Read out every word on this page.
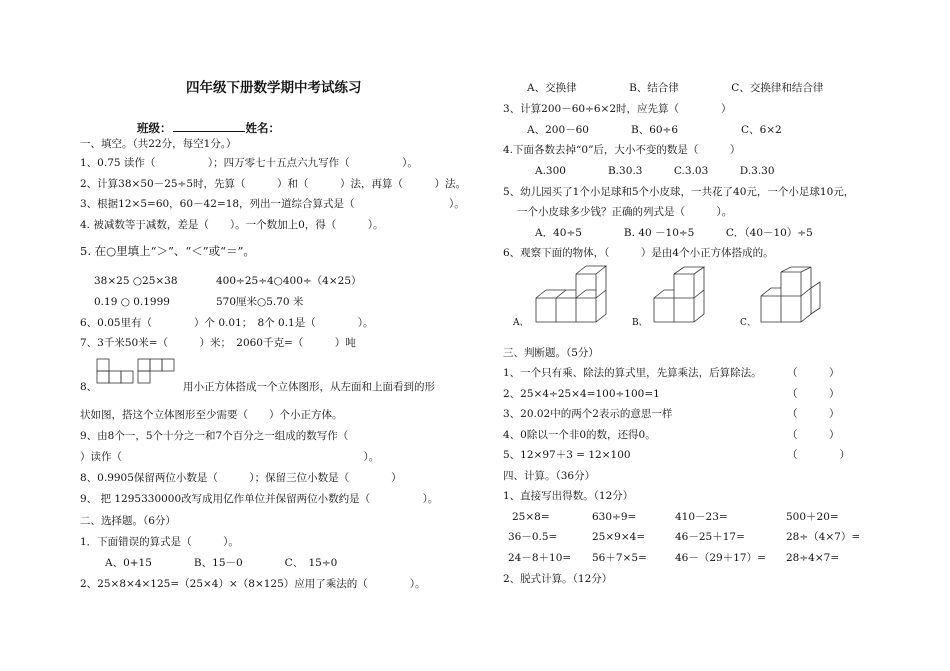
四年级下册数学期中考试练习
班级：	姓名：
一、填空。（共22分，每空1分。）
1、0.75 读作（　　　　　）；四万零七十五点六九写作（　　　　　）。
2、计算38×50－25÷5时，先算（　　　）和（　　　）法，再算（　　　）法。
3、根据12×5=60，60－42=18，列出一道综合算式是（　　　　　　　　　）。
4. 被减数等于减数，差是（　　）。一个数加上0，得（　　　）。
5. 在○里填上“＞”、“＜”或“＝”。
38×25 ○25×38	400÷25÷4○400÷（4×25）
0.19 ○ 0.1999	570厘米○5.70 米
6、0.05里有（　　　　）个 0.01；　8个 0.1是（　　　　）。
7、3千米50米=（　　　）米；　2060千克=（　　　）吨
8、	用小正方体搭成一个立体图形，从左面和上面看到的形
状如图，搭这个立体图形至少需要（　　）个小正方体。
9、由8个一，5个十分之一和7个百分之一组成的数写作（
）读作（　　　　　　　　　　　　　　　　　　　　　　　）。
8、0.9905保留两位小数是（　　　）；保留三位小数是（　　　　）
9、 把 1295330000改写成用亿作单位并保留两位小数约是（　　　　　）。
二、选择题。（6分）
1．下面错误的算式是（　　　）。
A、0+15　　　　B、15－0　　　　C、　15÷0
2、25×8×4×125=（25×4）×（8×125）应用了乘法的（　　　　）。
A、交换律　　　　　B、结合律　　　　　C、交换律和结合律
3、计算200－60÷6×2时，应先算（　　　　）
A、200－60　　　　B、60÷6　　　　　　C、6×2
4.下面各数去掉“0”后，大小不变的数是（　　　）
A.300　　　　B.30.3　　　C.3.03　　　D.3.30
5、幼儿园买了1个小足球和5个小皮球，一共花了40元，一个小足球10元，
一个小皮球多少钱？正确的列式是（　　　）。
A．40÷5　　　　B. 40 －10÷5　　　C．（40－10）÷5
6、观察下面的物体，（　　　）是由4个小正方体搭成的。
A、	B、	C、
三、判断题。（5分）
1、一个只有乘、除法的算式里，先算乘法，后算除法。 （　　　）
2、25×4÷25×4=100÷100=1	（　　　）
3、20.02中的两个2表示的意思一样	（　　　）
4、0除以一个非0的数，还得0。	（　　　）
5、12×97＋3 = 12×100	（　　　　）
四、计算。（36分）
1、直接写出得数。（12分）
25×8=	630÷9=	410－23=	500＋20=
36－0.5=	25×9×4=	46－25＋17=	28÷（4×7）=
24－8＋10= 56＋7×5=	46－（29＋17）= 28÷4×7=
2、脱式计算。（12分）
